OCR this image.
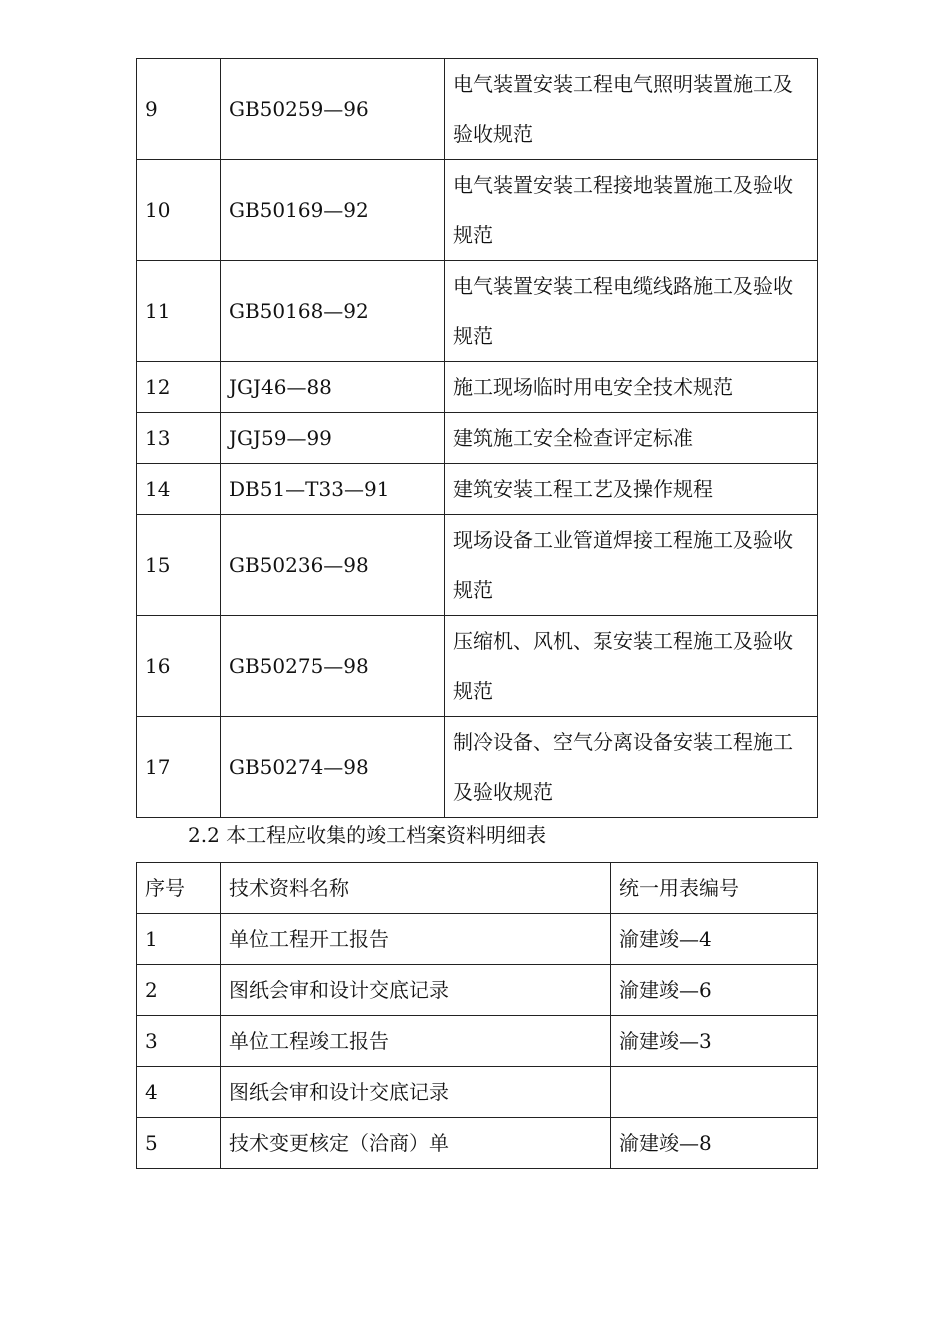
9	GB50259—96	电气装置安装工程电气照明装置施工及验收规范
10	GB50169—92	电气装置安装工程接地装置施工及验收规范
11	GB50168—92	电气装置安装工程电缆线路施工及验收规范
12	JGJ46—88	施工现场临时用电安全技术规范
13	JGJ59—99	建筑施工安全检查评定标准
14	DB51—T33—91	建筑安装工程工艺及操作规程
15	GB50236—98	现场设备工业管道焊接工程施工及验收规范
16	GB50275—98	压缩机、风机、泵安装工程施工及验收规范
17	GB50274—98	制冷设备、空气分离设备安装工程施工及验收规范
2.2 本工程应收集的竣工档案资料明细表
序号	技术资料名称	统一用表编号
1	单位工程开工报告	渝建竣—4
2	图纸会审和设计交底记录	渝建竣—6
3	单位工程竣工报告	渝建竣—3
4	图纸会审和设计交底记录	
5	技术变更核定（洽商）单	渝建竣—8
